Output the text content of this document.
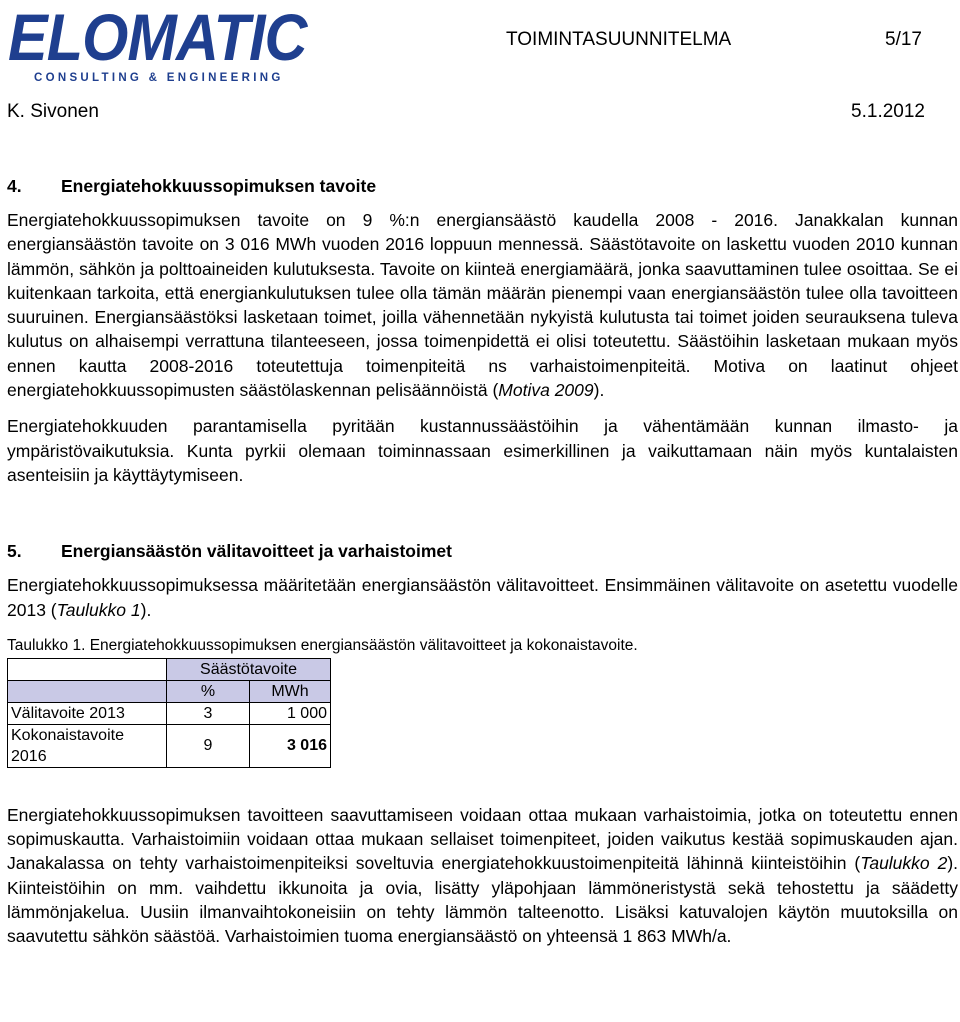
ELOMATIC
CONSULTING & ENGINEERING
TOIMINTASUUNNITELMA	5/17
K. Sivonen	5.1.2012
4. Energiatehokkuussopimuksen tavoite

Energiatehokkuussopimuksen tavoite on 9 %:n energiansäästö kaudella 2008 - 2016. Janakkalan kunnan energiansäästön tavoite on 3 016 MWh vuoden 2016 loppuun mennessä. Säästötavoite on laskettu vuoden 2010 kunnan lämmön, sähkön ja polttoaineiden kulutuksesta. Tavoite on kiinteä energiamäärä, jonka saavuttaminen tulee osoittaa. Se ei kuitenkaan tarkoita, että energiankulutuksen tulee olla tämän määrän pienempi vaan energiansäästön tulee olla tavoitteen suuruinen. Energiansäästöksi lasketaan toimet, joilla vähennetään nykyistä kulutusta tai toimet joiden seurauksena tuleva kulutus on alhaisempi verrattuna tilanteeseen, jossa toimenpidettä ei olisi toteutettu. Säästöihin lasketaan mukaan myös ennen kautta 2008-2016 toteutettuja toimenpiteitä ns varhaistoimenpiteitä. Motiva on laatinut ohjeet energiatehokkuussopimusten säästölaskennan pelisäännöistä (Motiva 2009).

Energiatehokkuuden parantamisella pyritään kustannussäästöihin ja vähentämään kunnan ilmasto- ja ympäristövaikutuksia. Kunta pyrkii olemaan toiminnassaan esimerkillinen ja vaikuttamaan näin myös kuntalaisten asenteisiin ja käyttäytymiseen.

5. Energiansäästön välitavoitteet ja varhaistoimet

Energiatehokkuussopimuksessa määritetään energiansäästön välitavoitteet. Ensimmäinen välitavoite on asetettu vuodelle 2013 (Taulukko 1).

Taulukko 1. Energiatehokkuussopimuksen energiansäästön välitavoitteet ja kokonaistavoite.
	Säästötavoite	
	%	MWh
Välitavoite 2013	3	1 000
Kokonaistavoite 2016	9	3 016

Energiatehokkuussopimuksen tavoitteen saavuttamiseen voidaan ottaa mukaan varhaistoimia, jotka on toteutettu ennen sopimuskautta. Varhaistoimiin voidaan ottaa mukaan sellaiset toimenpiteet, joiden vaikutus kestää sopimuskauden ajan. Janakalassa on tehty varhaistoimenpiteiksi soveltuvia energiatehokkuustoimenpiteitä lähinnä kiinteistöihin (Taulukko 2). Kiinteistöihin on mm. vaihdettu ikkunoita ja ovia, lisätty yläpohjaan lämmöneristystä sekä tehostettu ja säädetty lämmönjakelua. Uusiin ilmanvaihtokoneisiin on tehty lämmön talteenotto. Lisäksi katuvalojen käytön muutoksilla on saavutettu sähkön säästöä. Varhaistoimien tuoma energiansäästö on yhteensä 1 863 MWh/a.
